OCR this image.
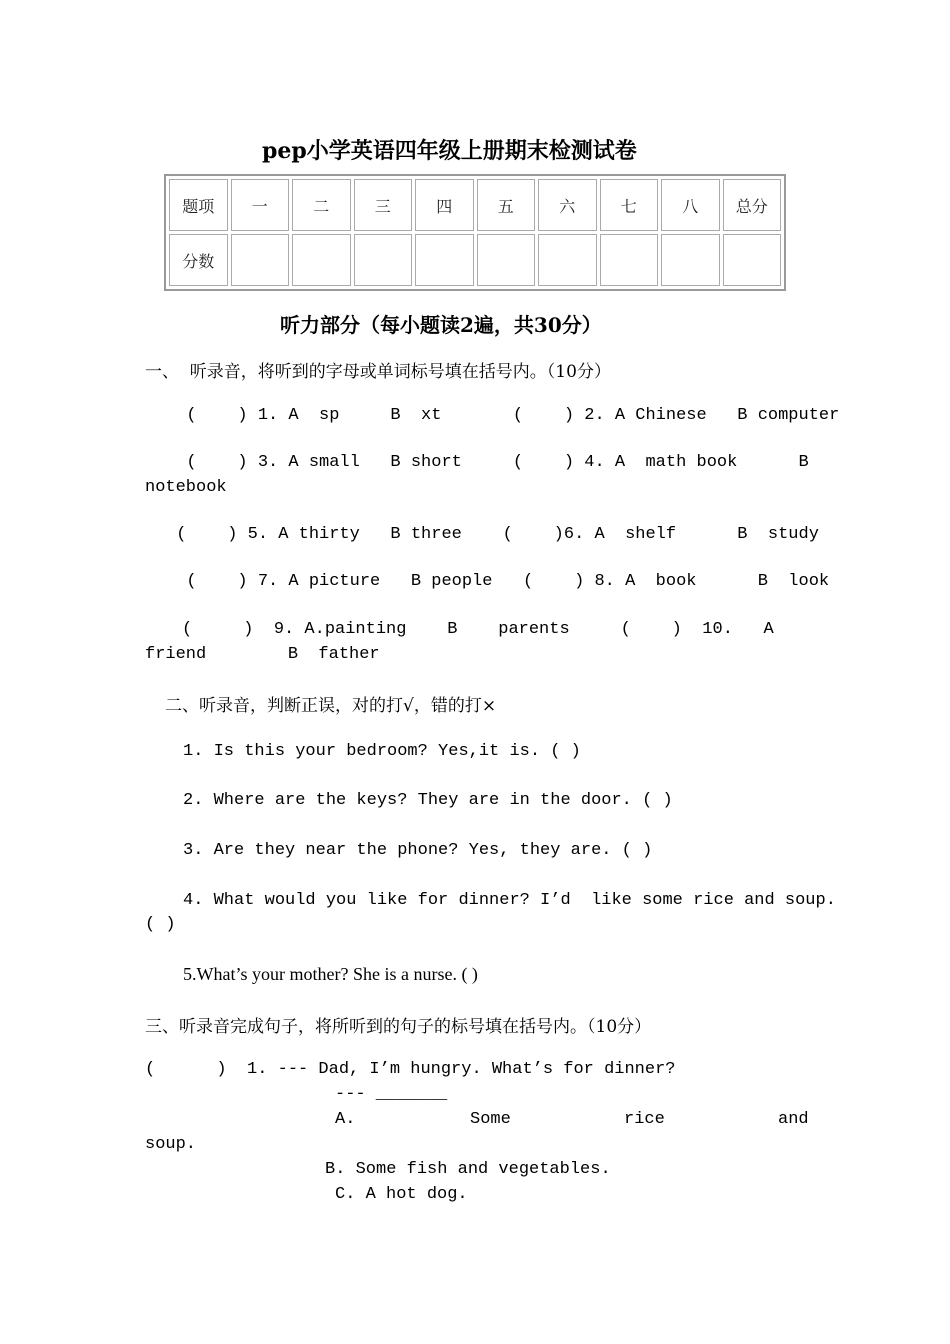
pep小学英语四年级上册期末检测试卷
题项	一	二	三	四	五	六	七	八	总分
分数									
听力部分（每小题读2遍，共30分）
一、  听录音，将听到的字母或单词标号填在括号内。（10分）
(    ) 1. A  sp     B  xt       (    ) 2. A Chinese   B computer
(    ) 3. A small   B short     (    ) 4. A  math book      B
notebook
(    ) 5. A thirty   B three    (    )6. A  shelf      B  study
(    ) 7. A picture   B people   (    ) 8. A  book      B  look
(     )  9. A.painting    B    parents     (    )  10.   A
friend        B  father
二、听录音，判断正误，对的打√，错的打×
1. Is this your bedroom? Yes,it is. ( )
2. Where are the keys? They are in the door. ( )
3. Are they near the phone? Yes, they are. ( )
4. What would you like for dinner? I’d  like some rice and soup.
( )
5.What’s your mother? She is a nurse. ( )
三、听录音完成句子，将所听到的句子的标号填在括号内。（10分）
(      )  1. --- Dad, I’m hungry. What’s for dinner?
--- _______
A.	Some	rice	and
soup.
B. Some fish and vegetables.
C. A hot dog.
